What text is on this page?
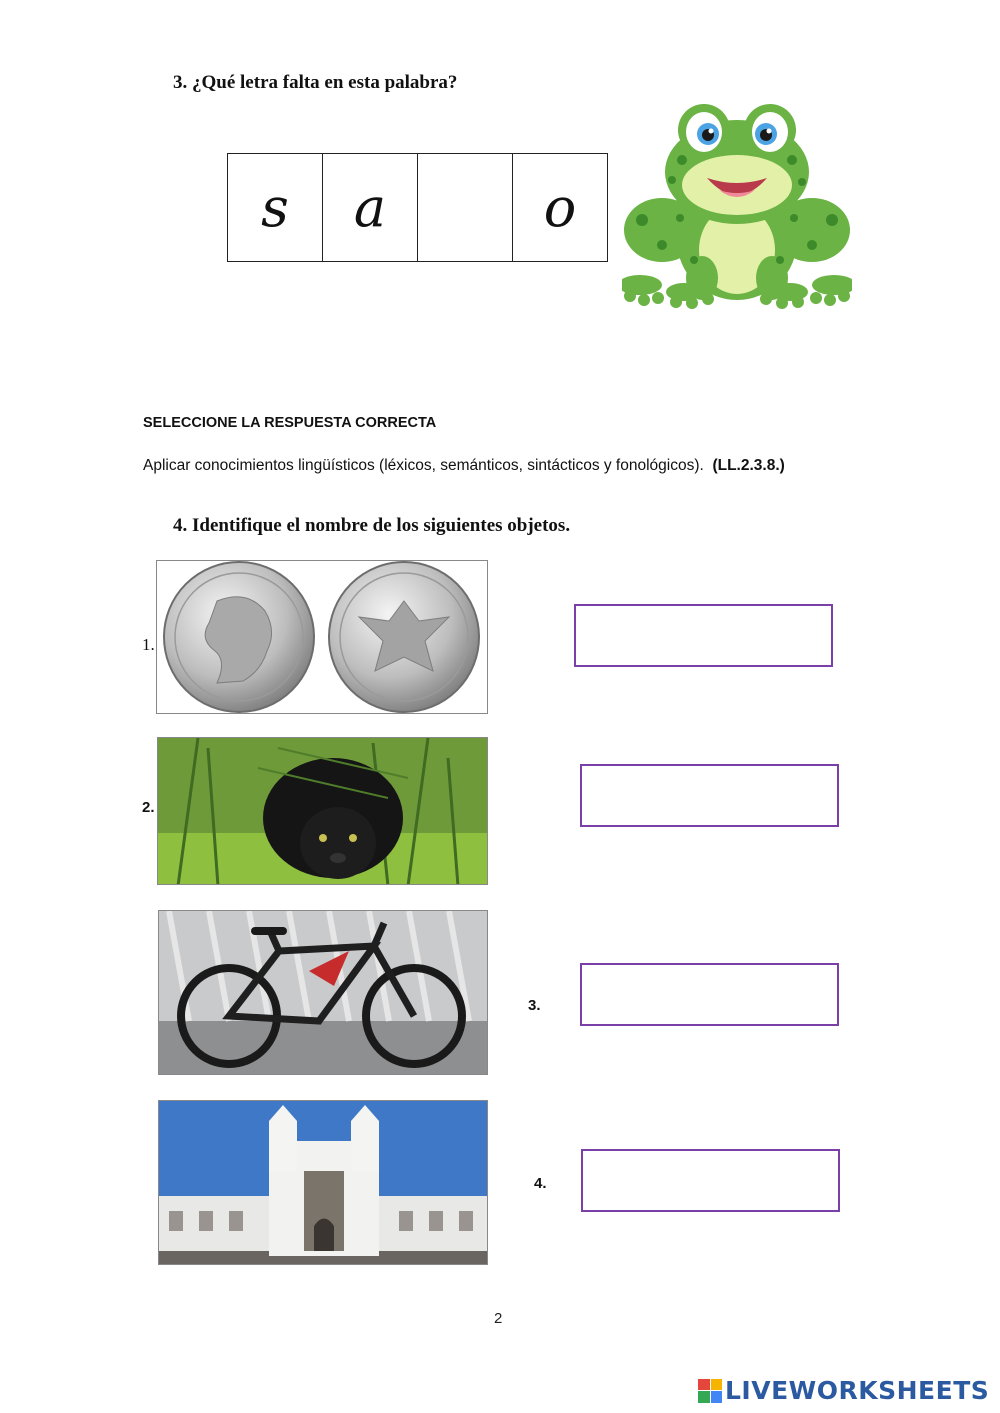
3. ¿Qué letra falta en esta palabra?
s	a	o
SELECCIONE LA RESPUESTA CORRECTA
Aplicar conocimientos lingüísticos (léxicos, semánticos, sintácticos y fonológicos). (LL.2.3.8.)
4. Identifique el nombre de los siguientes objetos.
1.
2.
3.
4.
2
LIVEWORKSHEETS
